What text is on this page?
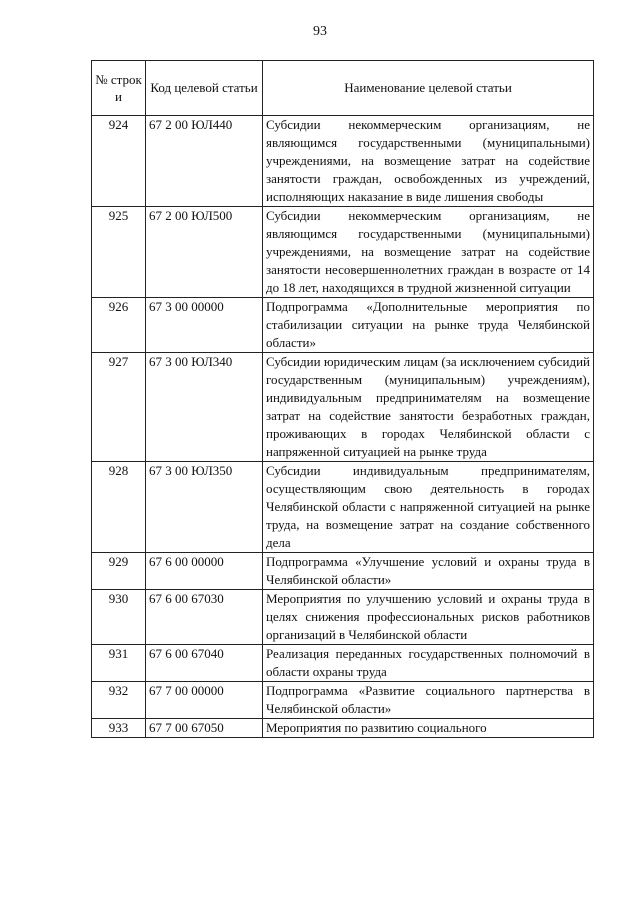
93
№ строк и	Код целевой статьи	Наименование целевой статьи
924	67 2 00 ЮЛ440	Субсидии некоммерческим организациям, не являющимся государственными (муниципальными) учреждениями, на возмещение затрат на содействие занятости граждан, освобожденных из учреждений, исполняющих наказание в виде лишения свободы
925	67 2 00 ЮЛ500	Субсидии некоммерческим организациям, не являющимся государственными (муниципальными) учреждениями, на возмещение затрат на содействие занятости несовершеннолетних граждан в возрасте от 14 до 18 лет, находящихся в трудной жизненной ситуации
926	67 3 00 00000	Подпрограмма «Дополнительные мероприятия по стабилизации ситуации на рынке труда Челябинской области»
927	67 3 00 ЮЛ340	Субсидии юридическим лицам (за исключением субсидий государственным (муниципальным) учреждениям), индивидуальным предпринимателям на возмещение затрат на содействие занятости безработных граждан, проживающих в городах Челябинской области с напряженной ситуацией на рынке труда
928	67 3 00 ЮЛ350	Субсидии индивидуальным предпринимателям, осуществляющим свою деятельность в городах Челябинской области с напряженной ситуацией на рынке труда, на возмещение затрат на создание собственного дела
929	67 6 00 00000	Подпрограмма «Улучшение условий и охраны труда в Челябинской области»
930	67 6 00 67030	Мероприятия по улучшению условий и охраны труда в целях снижения профессиональных рисков работников организаций в Челябинской области
931	67 6 00 67040	Реализация переданных государственных полномочий в области охраны труда
932	67 7 00 00000	Подпрограмма «Развитие социального партнерства в Челябинской области»
933	67 7 00 67050	Мероприятия по развитию социального
